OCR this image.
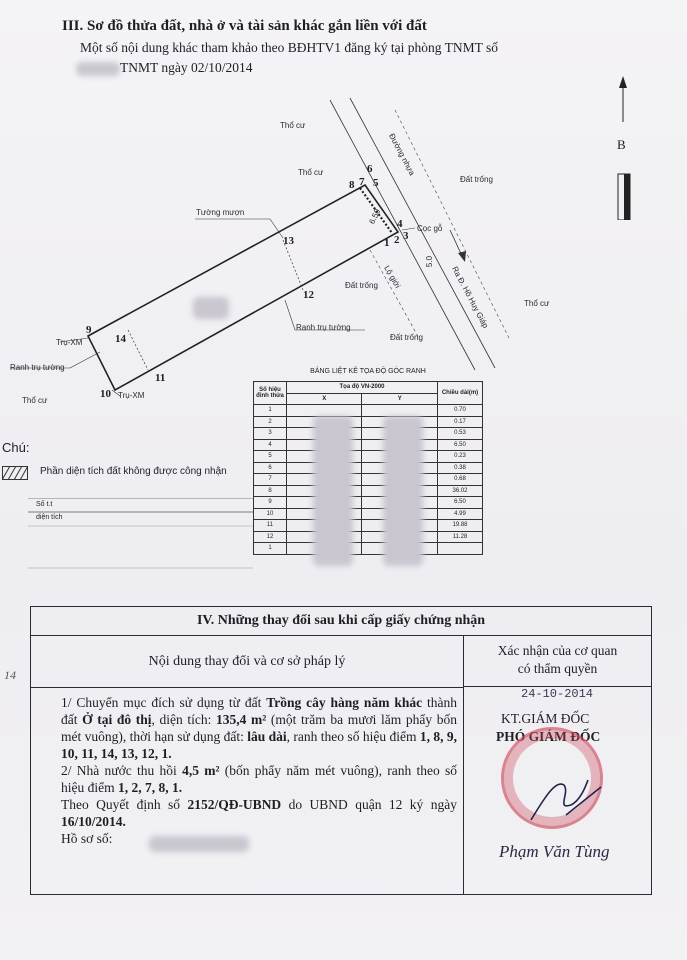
III. Sơ đồ thửa đất, nhà ở và tài sản khác gắn liền với đất
Một số nội dung khác tham khảo theo BĐHTV1 đăng ký tại phòng TNMT số
TNMT ngày 02/10/2014
B
Thổ cư
Thổ cư
Thổ cư
Thổ cư
Đường nhựa
Đất trống
Đất trống
Đất trống
Tường mượn
Cọc gỗ
Lộ giới	Ra Đ. Hồ Huy Giáp
Ranh trụ tường
Ranh trụ tường
Trụ-XM
Trụ-XM
5.0
6.50
1 2 3
4
5
6
7
8
9
10
11
12
13
14
Chú:
Phần diện tích đất không được công nhận
Số t.t
diện tích
BẢNG LIỆT KÊ TỌA ĐỘ GÓC RANH
Số hiệu đỉnh thửa	Tọa độ VN-2000		Chiều dài(m)
	X	Y	
1			0.70
2			0.17
3			0.53
4			6.50
5			0.23
6			0.38
7			0.68
8			36.02
9			6.50
10			4.99
11			19.88
12			11.28
1			
IV. Những thay đổi sau khi cấp giấy chứng nhận
Nội dung thay đổi và cơ sở pháp lý
Xác nhận của cơ quan
có thẩm quyền

1/ Chuyển mục đích sử dụng từ đất Trồng cây hàng năm khác thành đất Ở tại đô thị, diện tích: 135,4 m² (một trăm ba mươi lăm phẩy bốn mét vuông), thời hạn sử dụng đất: lâu dài, ranh theo số hiệu điểm 1, 8, 9, 10, 11, 14, 13, 12, 1.

2/ Nhà nước thu hồi 4,5 m² (bốn phẩy năm mét vuông), ranh theo số hiệu điểm 1, 2, 7, 8, 1.

Theo Quyết định số 2152/QĐ-UBND do UBND quận 12 ký ngày 16/10/2014.

Hồ sơ số:

24-10-2014
KT.GIÁM ĐỐC
PHÓ GIÁM ĐỐC
Phạm Văn Tùng
14
